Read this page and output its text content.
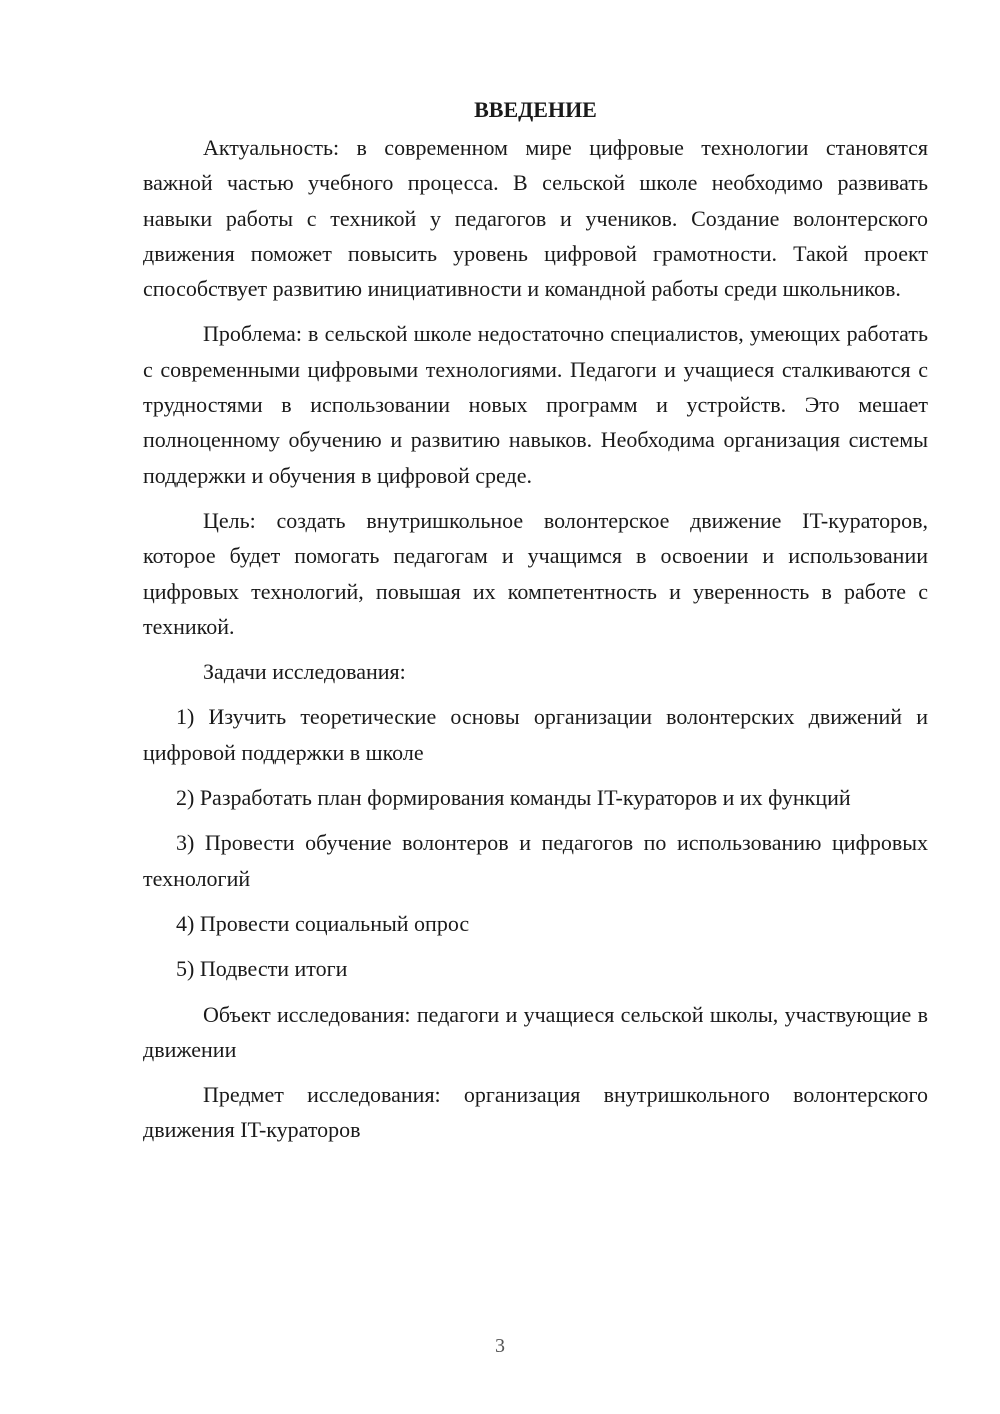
ВВЕДЕНИЕ

Актуальность: в современном мире цифровые технологии становятся важной частью учебного процесса. В сельской школе необходимо развивать навыки работы с техникой у педагогов и учеников. Создание волонтерского движения поможет повысить уровень цифровой грамотности. Такой проект способствует развитию инициативности и командной работы среди школьников.

Проблема: в сельской школе недостаточно специалистов, умеющих работать с современными цифровыми технологиями. Педагоги и учащиеся сталкиваются с трудностями в использовании новых программ и устройств. Это мешает полноценному обучению и развитию навыков. Необходима организация системы поддержки и обучения в цифровой среде.

Цель: создать внутришкольное волонтерское движение IT-кураторов, которое будет помогать педагогам и учащимся в освоении и использовании цифровых технологий, повышая их компетентность и уверенность в работе с техникой.

Задачи исследования:

1) Изучить теоретические основы организации волонтерских движений и цифровой поддержки в школе

2) Разработать план формирования команды IT-кураторов и их функций

3) Провести обучение волонтеров и педагогов по использованию цифровых технологий

4) Провести социальный опрос

5) Подвести итоги

Объект исследования: педагоги и учащиеся сельской школы, участвующие в движении

Предмет исследования: организация внутришкольного волонтерского движения IT-кураторов

3
